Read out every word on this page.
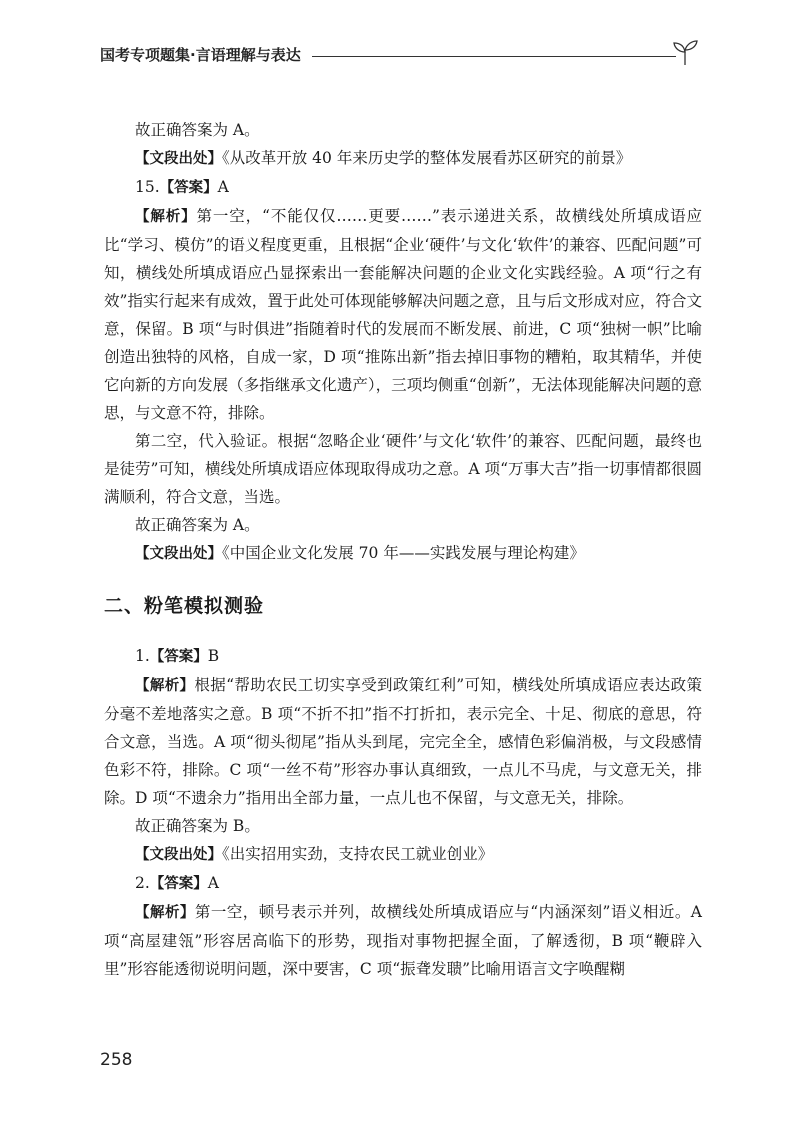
国考专项题集·言语理解与表达

故正确答案为 A。

【文段出处】《从改革开放 40 年来历史学的整体发展看苏区研究的前景》

15.【答案】A

【解析】第一空，“不能仅仅……更要……”表示递进关系，故横线处所填成语应比“学习、模仿”的语义程度更重，且根据“企业‘硬件’与文化‘软件’的兼容、匹配问题”可知，横线处所填成语应凸显探索出一套能解决问题的企业文化实践经验。A 项“行之有效”指实行起来有成效，置于此处可体现能够解决问题之意，且与后文形成对应，符合文意，保留。B 项“与时俱进”指随着时代的发展而不断发展、前进，C 项“独树一帜”比喻创造出独特的风格，自成一家，D 项“推陈出新”指去掉旧事物的糟粕，取其精华，并使它向新的方向发展（多指继承文化遗产），三项均侧重“创新”，无法体现能解决问题的意思，与文意不符，排除。

第二空，代入验证。根据“忽略企业‘硬件’与文化‘软件’的兼容、匹配问题，最终也是徒劳”可知，横线处所填成语应体现取得成功之意。A 项“万事大吉”指一切事情都很圆满顺利，符合文意，当选。

故正确答案为 A。

【文段出处】《中国企业文化发展 70 年——实践发展与理论构建》

二、粉笔模拟测验

1.【答案】B

【解析】根据“帮助农民工切实享受到政策红利”可知，横线处所填成语应表达政策分毫不差地落实之意。B 项“不折不扣”指不打折扣，表示完全、十足、彻底的意思，符合文意，当选。A 项“彻头彻尾”指从头到尾，完完全全，感情色彩偏消极，与文段感情色彩不符，排除。C 项“一丝不苟”形容办事认真细致，一点儿不马虎，与文意无关，排除。D 项“不遗余力”指用出全部力量，一点儿也不保留，与文意无关，排除。

故正确答案为 B。

【文段出处】《出实招用实劲，支持农民工就业创业》

2.【答案】A

【解析】第一空，顿号表示并列，故横线处所填成语应与“内涵深刻”语义相近。A 项“高屋建瓴”形容居高临下的形势，现指对事物把握全面，了解透彻，B 项“鞭辟入里”形容能透彻说明问题，深中要害，C 项“振聋发聩”比喻用语言文字唤醒糊

258
